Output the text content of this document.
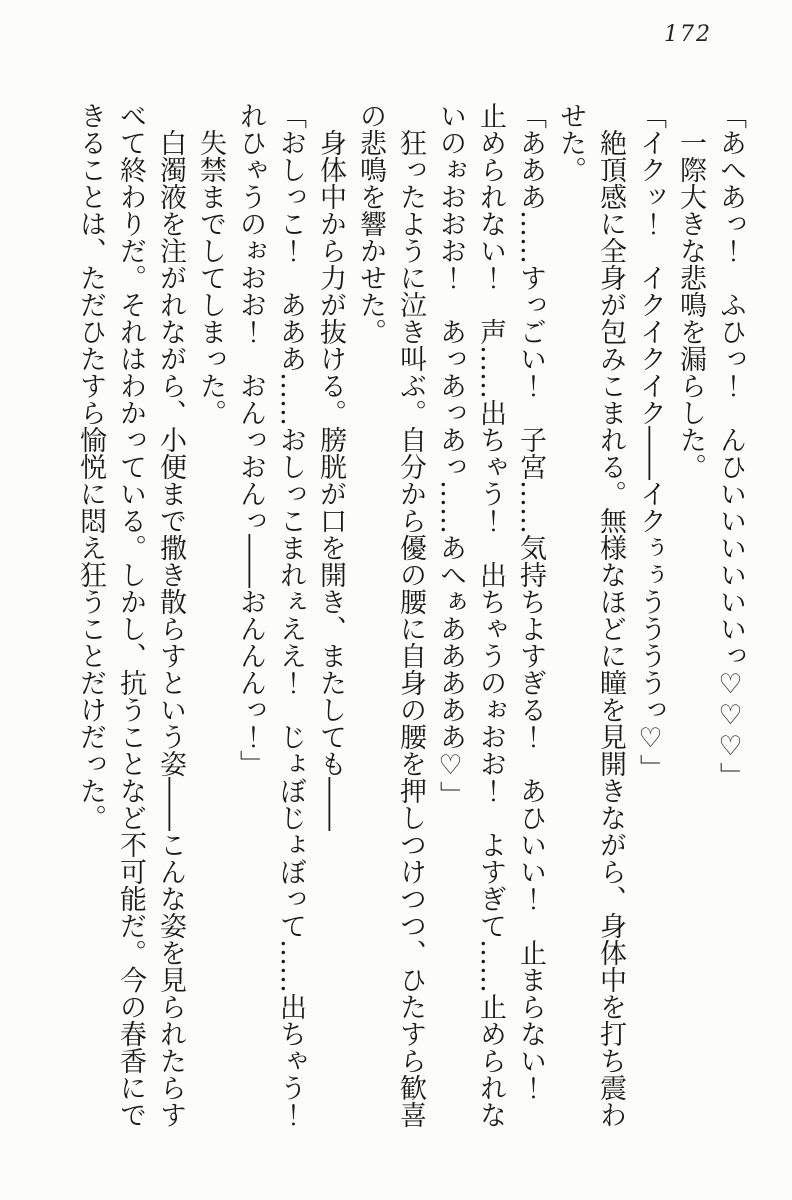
172

「あへあっ！　ふひっ！　んひいいいいいいっ♡♡♡」

一際大きな悲鳴を漏らした。

「イクッ！　イクイクイク――イクぅぅううううっ♡」

絶頂感に全身が包みこまれる。無様なほどに瞳を見開きながら、身体中を打ち震わ

せた。

「あああ……すっごい！　子宮……気持ちよすぎる！　あひいい！　止まらない！

止められない！　声……出ちゃう！　出ちゃうのぉおお！　よすぎて……止められな

いのぉおおお！　あっあっあっ……あへぁあああああ♡」

狂ったように泣き叫ぶ。自分から優の腰に自身の腰を押しつけつつ、ひたすら歓喜

の悲鳴を響かせた。

身体中から力が抜ける。膀胱が口を開き、またしても――

「おしっこ！　あああ……おしっこまれぇええ！　じょぼじょぼって……出ちゃう！

れひゃうのぉおお！　おんっおんっ――おんんんっ！」

失禁までしてしまった。

白濁液を注がれながら、小便まで撒き散らすという姿――こんな姿を見られたらす

べて終わりだ。それはわかっている。しかし、抗うことなど不可能だ。今の春香にで

きることは、ただひたすら愉悦に悶え狂うことだけだった。
